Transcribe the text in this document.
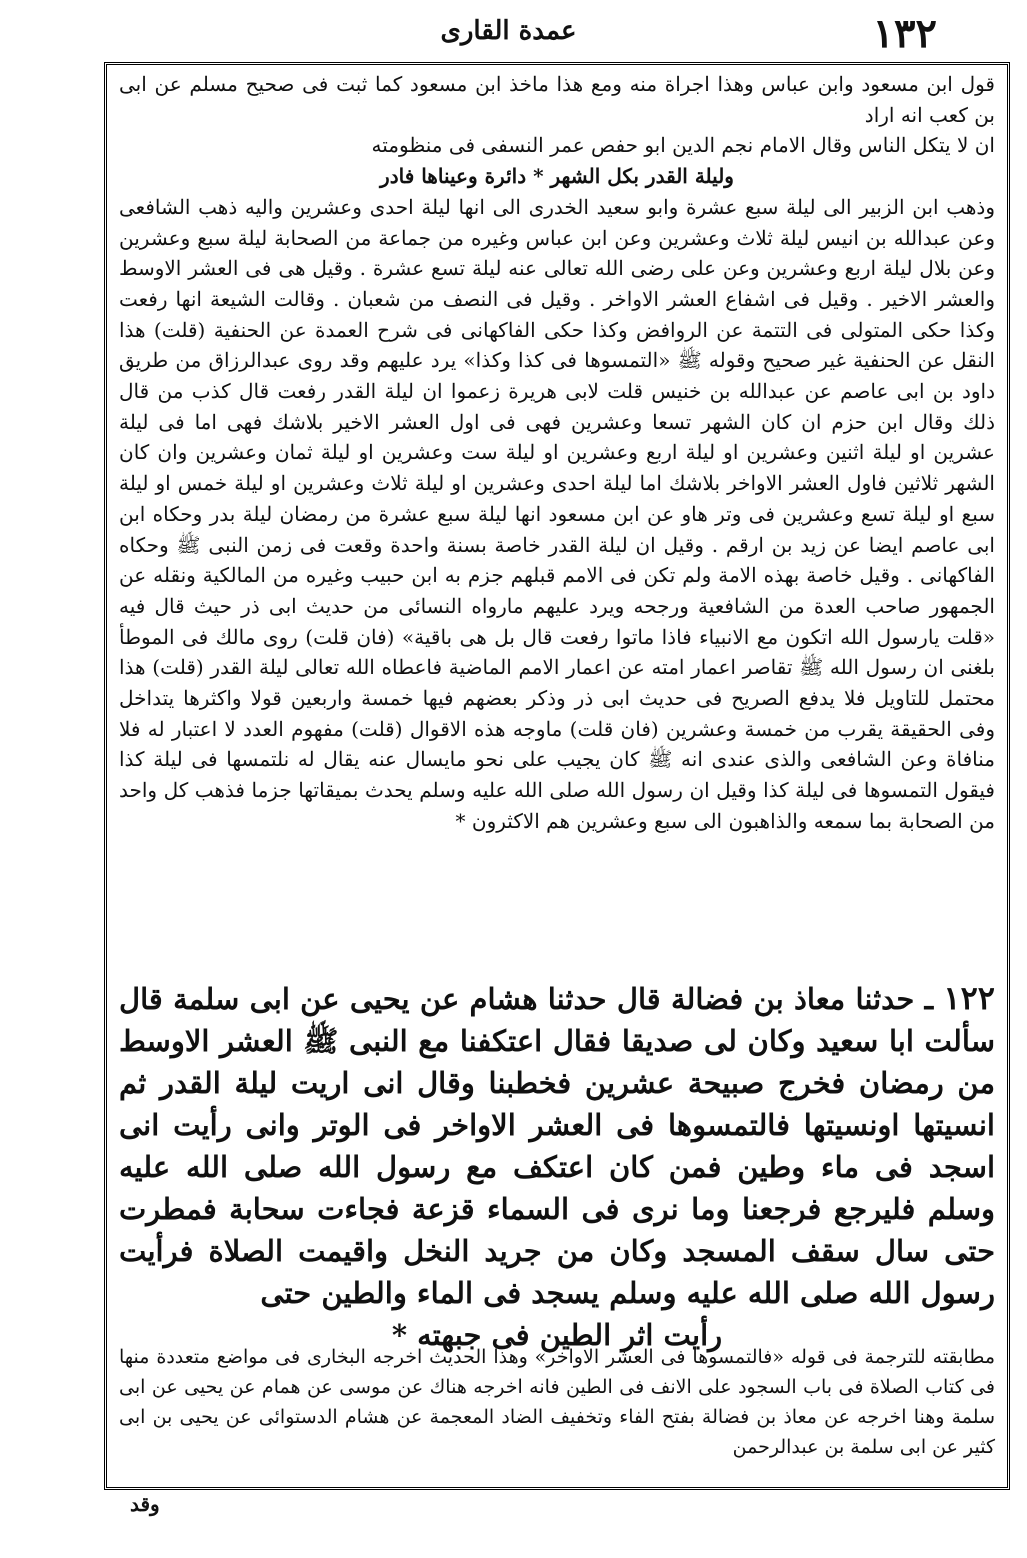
١٣٢
عمدة القاری

قول ابن مسعود وابن عباس وهذا اجراة منه ومع هذا ماخذ ابن مسعود كما ثبت فی صحیح مسلم عن ابی بن كعب انه اراد

ان لا یتكل الناس وقال الامام نجم الدین ابو حفص عمر النسفی فی منظومته

ولیلة القدر بكل الشهر * دائرة وعیناها فادر

وذهب ابن الزبیر الی لیلة سبع عشرة وابو سعید الخدری الی انها لیلة احدی وعشرین والیه ذهب الشافعی وعن عبدالله بن انیس لیلة ثلاث وعشرین وعن ابن عباس وغیره من جماعة من الصحابة لیلة سبع وعشرین وعن بلال لیلة اربع وعشرین وعن علی رضی الله تعالی عنه لیلة تسع عشرة . وقیل هی فی العشر الاوسط والعشر الاخیر . وقیل فی اشفاع العشر الاواخر . وقیل فی النصف من شعبان . وقالت الشیعة انها رفعت وكذا حكی المتولی فی التتمة عن الروافض وكذا حكی الفاكهانی فی شرح العمدة عن الحنفیة (قلت) هذا النقل عن الحنفیة غیر صحیح وقوله ﷺ «التمسوها فی كذا وكذا» یرد علیهم وقد روی عبدالرزاق من طریق داود بن ابی عاصم عن عبدالله بن خنیس قلت لابی هریرة زعموا ان لیلة القدر رفعت قال كذب من قال ذلك وقال ابن حزم ان كان الشهر تسعا وعشرین فهی فی اول العشر الاخیر بلاشك فهی اما فی لیلة عشرین او لیلة اثنین وعشرین او لیلة اربع وعشرین او لیلة ست وعشرین او لیلة ثمان وعشرین وان كان الشهر ثلاثین فاول العشر الاواخر بلاشك اما لیلة احدی وعشرین او لیلة ثلاث وعشرین او لیلة خمس او لیلة سبع او لیلة تسع وعشرین فی وتر هاو عن ابن مسعود انها لیلة سبع عشرة من رمضان لیلة بدر وحكاه ابن ابی عاصم ایضا عن زید بن ارقم . وقیل ان لیلة القدر خاصة بسنة واحدة وقعت فی زمن النبی ﷺ وحكاه الفاكهانی . وقیل خاصة بهذه الامة ولم تكن فی الامم قبلهم جزم به ابن حبیب وغیره من المالكیة ونقله عن الجمهور صاحب العدة من الشافعیة ورجحه ویرد علیهم مارواه النسائی من حدیث ابی ذر حیث قال فیه «قلت یارسول الله اتكون مع الانبیاء فاذا ماتوا رفعت قال بل هی باقیة» (فان قلت) روی مالك فی الموطأ بلغنی ان رسول الله ﷺ تقاصر اعمار امته عن اعمار الامم الماضیة فاعطاه الله تعالی لیلة القدر (قلت) هذا محتمل للتاویل فلا یدفع الصریح فی حدیث ابی ذر وذكر بعضهم فیها خمسة واربعین قولا واكثرها یتداخل وفی الحقیقة یقرب من خمسة وعشرین (فان قلت) ماوجه هذه الاقوال (قلت) مفهوم العدد لا اعتبار له فلا منافاة وعن الشافعی والذی عندی انه ﷺ كان یجیب علی نحو مایسال عنه یقال له نلتمسها فی لیلة كذا فیقول التمسوها فی لیلة كذا وقیل ان رسول الله صلی الله علیه وسلم یحدث بمیقاتها جزما فذهب كل واحد من الصحابة بما سمعه والذاهبون الی سبع وعشرین هم الاكثرون *

١٢٢ ـ حدثنا معاذ بن فضالة قال حدثنا هشام عن یحیی عن ابی سلمة قال سألت ابا سعید وكان لی صدیقا فقال اعتكفنا مع النبی ﷺ العشر الاوسط من رمضان فخرج صبیحة عشرین فخطبنا وقال انی اریت لیلة القدر ثم انسیتها اونسیتها فالتمسوها فی العشر الاواخر فی الوتر وانی رأیت انی اسجد فی ماء وطین فمن كان اعتكف مع رسول الله صلی الله علیه وسلم فلیرجع فرجعنا وما نری فی السماء قزعة فجاءت سحابة فمطرت حتی سال سقف المسجد وكان من جرید النخل واقیمت الصلاة فرأیت رسول الله صلی الله علیه وسلم یسجد فی الماء والطین حتی

رأیت اثر الطین فی جبهته *

مطابقته للترجمة فی قوله «فالتمسوها فی العشر الاواخر» وهذا الحدیث اخرجه البخاری فی مواضع متعددة منها فی كتاب الصلاة فی باب السجود علی الانف فی الطین فانه اخرجه هناك عن موسی عن همام عن یحیی عن ابی سلمة وهنا اخرجه عن معاذ بن فضالة بفتح الفاء وتخفیف الضاد المعجمة عن هشام الدستوائی عن یحیی بن ابی كثیر عن ابی سلمة بن عبدالرحمن

وقد
